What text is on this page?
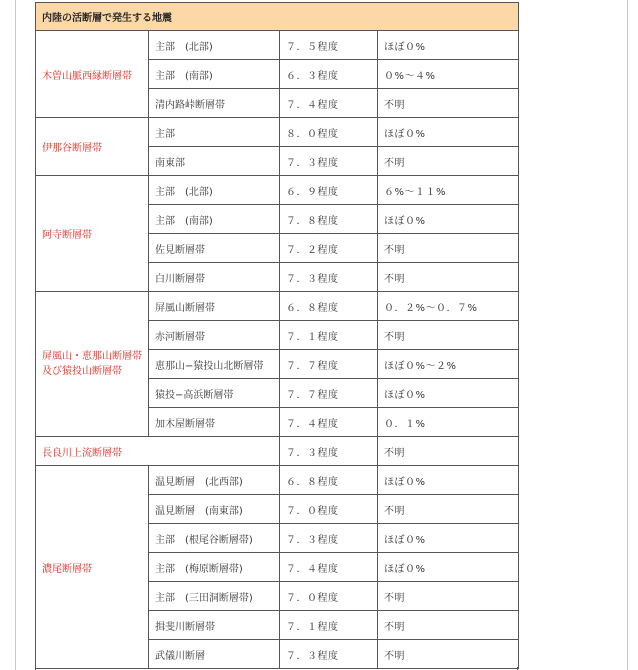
内陸の活断層で発生する地震			
木曽山脈西縁断層帯	主部　(北部)	７．５程度	ほぼ０%
	主部　(南部)	６．３程度	０%～４%
	清内路峠断層帯	７．４程度	不明
伊那谷断層帯	主部	８．０程度	ほぼ０%
	南東部	７．３程度	不明
阿寺断層帯	主部　(北部)	６．９程度	６%～１１%
	主部　(南部)	７．８程度	ほぼ０%
	佐見断層帯	７．２程度	不明
	白川断層帯	７．３程度	不明
屏風山・恵那山断層帯及び猿投山断層帯	屏風山断層帯	６．８程度	０．２%～０．７%
	赤河断層帯	７．１程度	不明
	恵那山−猿投山北断層帯	７．７程度	ほぼ０%～２%
	猿投−高浜断層帯	７．７程度	ほぼ０%
	加木屋断層帯	７．４程度	０．１%
長良川上流断層帯		７．３程度	不明
濃尾断層帯	温見断層　(北西部)	６．８程度	ほぼ０%
	温見断層　(南東部)	７．０程度	不明
	主部　(根尾谷断層帯)	７．３程度	ほぼ０%
	主部　(梅原断層帯)	７．４程度	ほぼ０%
	主部　(三田洞断層帯)	７．０程度	不明
	揖斐川断層帯	７．１程度	不明
	武儀川断層	７．３程度	不明
